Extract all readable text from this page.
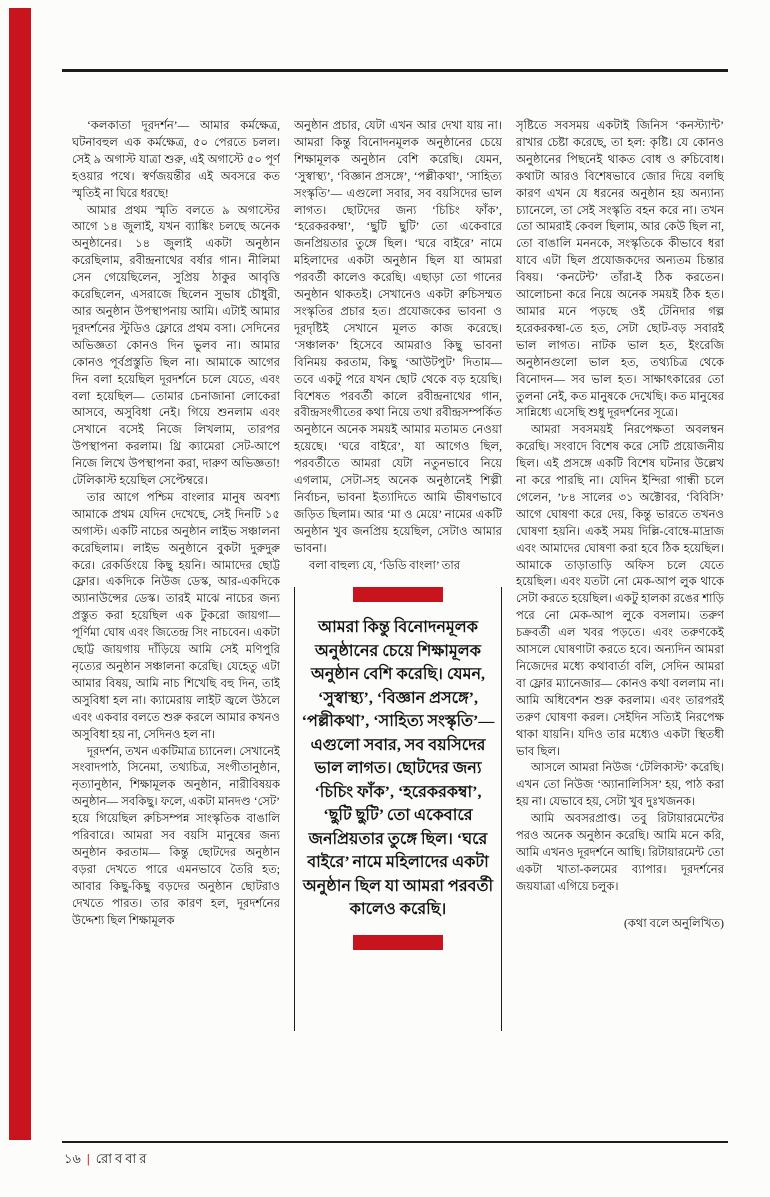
‘কলকাতা দূরদর্শন’— আমার কর্মক্ষেত্র, ঘটনাবহুল এক কর্মক্ষেত্র, ৫০ পেরতে চলল। সেই ৯ অগাস্ট যাত্রা শুরু, এই অগাস্টে ৫০ পূর্ণ হওয়ার পথে। স্বর্ণজয়ন্তীর এই অবসরে কত স্মৃতিই না ঘিরে ধরছে!

আমার প্রথম স্মৃতি বলতে ৯ অগাস্টের আগে ১৪ জুলাই, যখন ব্যাঙ্কিং চলছে অনেক অনুষ্ঠানের। ১৪ জুলাই একটা অনুষ্ঠান করেছিলাম, রবীন্দ্রনাথের বর্ষার গান। নীলিমা সেন গেয়েছিলেন, সুপ্রিয় ঠাকুর আবৃত্তি করেছিলেন, এসরাজে ছিলেন সুভাষ চৌধুরী, আর অনুষ্ঠান উপস্থাপনায় আমি। এটাই আমার দূরদর্শনের স্টুডিও ফ্লোরে প্রথম বসা। সেদিনের অভিজ্ঞতা কোনও দিন ভুলব না। আমার কোনও পূর্বপ্রস্তুতি ছিল না। আমাকে আগের দিন বলা হয়েছিল দূরদর্শনে চলে যেতে, এবং বলা হয়েছিল— তোমার চেনাজানা লোকেরা আসবে, অসুবিধা নেই। গিয়ে শুনলাম এবং সেখানে বসেই নিজে লিখলাম, তারপর উপস্থাপনা করলাম। থ্রি ক্যামেরা সেট-আপে নিজে লিখে উপস্থাপনা করা, দারুণ অভিজ্ঞতা! টেলিকাস্ট হয়েছিল সেপ্টেম্বরে।

তার আগে পশ্চিম বাংলার মানুষ অবশ্য আমাকে প্রথম যেদিন দেখেছে, সেই দিনটি ১৫ অগাস্ট। একটি নাচের অনুষ্ঠান লাইভ সঞ্চালনা করেছিলাম। লাইভ অনুষ্ঠানে বুকটা দুরুদুরু করে। রেকর্ডিংয়ে কিছু হয়নি। আমাদের ছোট্ট ফ্লোর। একদিকে নিউজ ডেস্ক, আর-একদিকে অ্যানাউন্সের ডেস্ক। তারই মাঝে নাচের জন্য প্রস্তুত করা হয়েছিল এক টুকরো জায়গা— পূর্ণিমা ঘোষ এবং জিতেন্দ্র সিং নাচবেন। একটা ছোট্ট জায়গায় দাঁড়িয়ে আমি সেই মণিপুরি নৃত্যের অনুষ্ঠান সঞ্চালনা করেছি। যেহেতু এটা আমার বিষয়, আমি নাচ শিখেছি বহু দিন, তাই অসুবিধা হল না। ক্যামেরায় লাইট জ্বলে উঠলে এবং একবার বলতে শুরু করলে আমার কখনও অসুবিধা হয় না, সেদিনও হল না।

দূরদর্শন, তখন একটিমাত্র চ্যানেল। সেখানেই সংবাদপাঠ, সিনেমা, তথ্যচিত্র, সংগীতানুষ্ঠান, নৃত্যানুষ্ঠান, শিক্ষামূলক অনুষ্ঠান, নারীবিষয়ক অনুষ্ঠান— সবকিছু। ফলে, একটা মানদণ্ড ‘সেট’ হয়ে গিয়েছিল রুচিসম্পন্ন সাংস্কৃতিক বাঙালি পরিবারে। আমরা সব বয়সি মানুষের জন্য অনুষ্ঠান করতাম— কিন্তু ছোটদের অনুষ্ঠান বড়রা দেখতে পারে এমনভাবে তৈরি হত; আবার কিছু-কিছু বড়দের অনুষ্ঠান ছোটরাও দেখতে পারত। তার কারণ হল, দূরদর্শনের উদ্দেশ্য ছিল শিক্ষামূলক

অনুষ্ঠান প্রচার, যেটা এখন আর দেখা যায় না। আমরা কিন্তু বিনোদনমূলক অনুষ্ঠানের চেয়ে শিক্ষামূলক অনুষ্ঠান বেশি করেছি। যেমন, ‘সুস্বাস্থ্য’, ‘বিজ্ঞান প্রসঙ্গে’, ‘পল্লীকথা’, ‘সাহিত্য সংস্কৃতি’— এগুলো সবার, সব বয়সিদের ভাল লাগত। ছোটদের জন্য ‘চিচিং ফাঁক’, ‘হরেকরকম্বা’, ‘ছুটি ছুটি’ তো একেবারে জনপ্রিয়তার তুঙ্গে ছিল। ‘ঘরে বাইরে’ নামে মহিলাদের একটা অনুষ্ঠান ছিল যা আমরা পরবর্তী কালেও করেছি। এছাড়া তো গানের অনুষ্ঠান থাকতই। সেখানেও একটা রুচিসম্মত সংস্কৃতির প্রচার হত। প্রযোজকের ভাবনা ও দূরদৃষ্টিই সেখানে মূলত কাজ করেছে। ‘সঞ্চালক’ হিসেবে আমরাও কিছু ভাবনা বিনিময় করতাম, কিছু ‘আউটপুট’ দিতাম— তবে একটু পরে যখন ছোট থেকে বড় হয়েছি। বিশেষত পরবর্তী কালে রবীন্দ্রনাথের গান, রবীন্দ্রসংগীতের কথা নিয়ে তথা রবীন্দ্রসম্পর্কিত অনুষ্ঠানে অনেক সময়ই আমার মতামত নেওয়া হয়েছে। ‘ঘরে বাইরে’, যা আগেও ছিল, পরবর্তীতে আমরা যেটা নতুনভাবে নিয়ে এগলাম, সেটা-সহ অনেক অনুষ্ঠানেই শিল্পী নির্বাচন, ভাবনা ইত্যাদিতে আমি ভীষণভাবে জড়িত ছিলাম। আর ‘মা ও মেয়ে’ নামের একটি অনুষ্ঠান খুব জনপ্রিয় হয়েছিল, সেটাও আমার ভাবনা।

বলা বাহুল্য যে, ‘ডিডি বাংলা’ তার

আমরা কিন্তু বিনোদনমূলক অনুষ্ঠানের চেয়ে শিক্ষামূলক অনুষ্ঠান বেশি করেছি। যেমন, ‘সুস্বাস্থ্য’, ‘বিজ্ঞান প্রসঙ্গে’, ‘পল্লীকথা’, ‘সাহিত্য সংস্কৃতি’— এগুলো সবার, সব বয়সিদের ভাল লাগত। ছোটদের জন্য ‘চিচিং ফাঁক’, ‘হরেকরকম্বা’, ‘ছুটি ছুটি’ তো একেবারে জনপ্রিয়তার তুঙ্গে ছিল। ‘ঘরে বাইরে’ নামে মহিলাদের একটা অনুষ্ঠান ছিল যা আমরা পরবর্তী কালেও করেছি।

সৃষ্টিতে সবসময় একটাই জিনিস ‘কনস্ট্যান্ট’ রাখার চেষ্টা করেছে, তা হল: কৃষ্টি। যে কোনও অনুষ্ঠানের পিছনেই থাকত বোধ ও রুচিবোধ। কথাটা আরও বিশেষভাবে জোর দিয়ে বলছি কারণ এখন যে ধরনের অনুষ্ঠান হয় অন্যান্য চ্যানেলে, তা সেই সংস্কৃতি বহন করে না। তখন তো আমরাই কেবল ছিলাম, আর কেউ ছিল না, তো বাঙালি মননকে, সংস্কৃতিকে কীভাবে ধরা যাবে এটা ছিল প্রযোজকদের অন্যতম চিন্তার বিষয়। ‘কনটেন্ট’ তাঁরা-ই ঠিক করতেন। আলোচনা করে নিয়ে অনেক সময়ই ঠিক হত। আমার মনে পড়ছে ওই টেনিদার গল্প হরেকরকম্বা-তে হত, সেটা ছোট-বড় সবারই ভাল লাগত। নাটক ভাল হত, ইংরেজি অনুষ্ঠানগুলো ভাল হত, তথ্যচিত্র থেকে বিনোদন— সব ভাল হত। সাক্ষাৎকারের তো তুলনা নেই, কত মানুষকে দেখেছি। কত মানুষের সান্নিধ্যে এসেছি শুধু দূরদর্শনের সূত্রে।

আমরা সবসময়ই নিরপেক্ষতা অবলম্বন করেছি। সংবাদে বিশেষ করে সেটি প্রয়োজনীয় ছিল। এই প্রসঙ্গে একটি বিশেষ ঘটনার উল্লেখ না করে পারছি না। যেদিন ইন্দিরা গান্ধী চলে গেলেন, ’৮৪ সালের ৩১ অক্টোবর, ‘বিবিসি’ আগে ঘোষণা করে দেয়, কিন্তু ভারতে তখনও ঘোষণা হয়নি। একই সময় দিল্লি-বোম্বে-মাদ্রাজ এবং আমাদের ঘোষণা করা হবে ঠিক হয়েছিল। আমাকে তাড়াতাড়ি অফিস চলে যেতে হয়েছিল। এবং যতটা নো মেক-আপ লুক থাকে সেটা করতে হয়েছিল। একটু হালকা রঙের শাড়ি পরে নো মেক-আপ লুকে বসলাম। তরুণ চক্রবর্তী এল খবর পড়তে। এবং তরুণকেই আসলে ঘোষণাটা করতে হবে। অন্যদিন আমরা নিজেদের মধ্যে কথাবার্তা বলি, সেদিন আমরা বা ফ্লোর ম্যানেজার— কোনও কথা বললাম না। আমি অধিবেশন শুরু করলাম। এবং তারপরই তরুণ ঘোষণা করল। সেইদিন সত্যিই নিরপেক্ষ থাকা যায়নি। যদিও তার মধ্যেও একটা স্থিতধী ভাব ছিল।

আসলে আমরা নিউজ ‘টেলিকাস্ট’ করেছি। এখন তো নিউজ ‘অ্যানালিসিস’ হয়, পাঠ করা হয় না। যেভাবে হয়, সেটা খুব দুঃখজনক।

আমি অবসরপ্রাপ্ত। তবু রিটায়ারমেন্টের পরও অনেক অনুষ্ঠান করেছি। আমি মনে করি, আমি এখনও দূরদর্শনে আছি। রিটায়ারমেন্ট তো একটা খাতা-কলমের ব্যাপার। দূরদর্শনের জয়যাত্রা এগিয়ে চলুক।

(কথা বলে অনুলিখিত)

১৬ | রোববার
